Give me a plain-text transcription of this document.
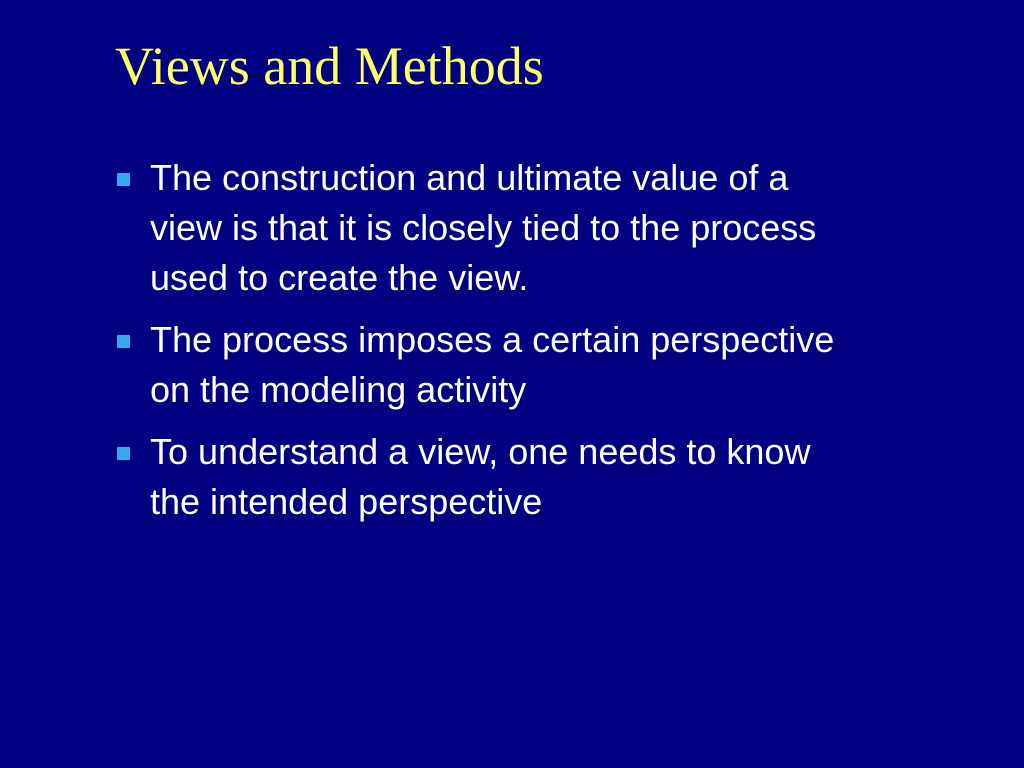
Views and Methods
The construction and ultimate value of a
view is that it is closely tied to the process
used to create the view.
The process imposes a certain perspective
on the modeling activity
To understand a view, one needs to know
the intended perspective
